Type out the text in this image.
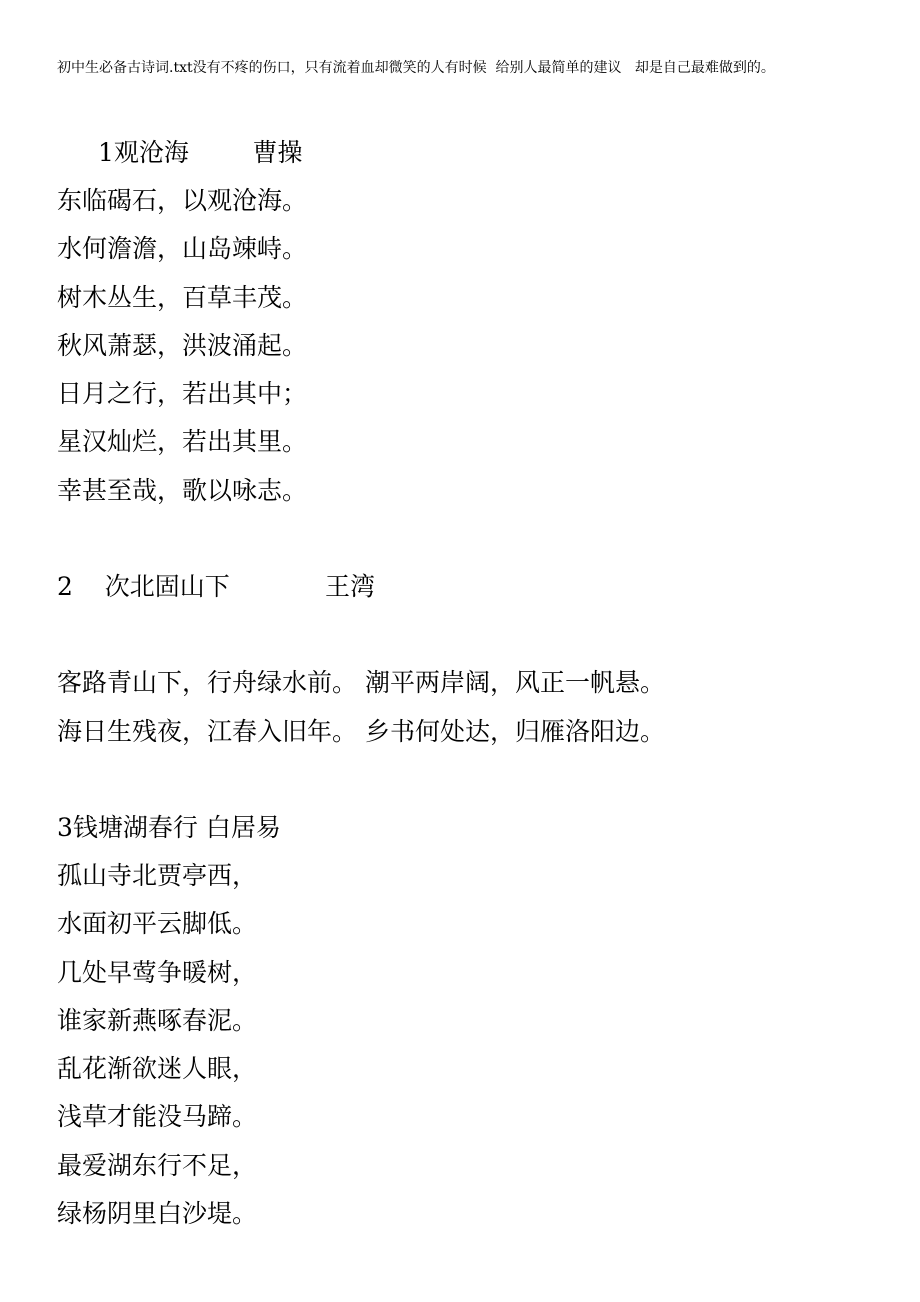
初中生必备古诗词.txt没有不疼的伤口，只有流着血却微笑的人有时候  给别人最简单的建议   却是自己最难做到的。
1观沧海        曹操
东临碣石，以观沧海。
水何澹澹，山岛竦峙。
树木丛生，百草丰茂。
秋风萧瑟，洪波涌起。
日月之行，若出其中；
星汉灿烂，若出其里。
幸甚至哉，歌以咏志。
2    次北固山下            王湾
客路青山下，行舟绿水前。 潮平两岸阔，风正一帆悬。
海日生残夜，江春入旧年。 乡书何处达，归雁洛阳边。
3钱塘湖春行 白居易
孤山寺北贾亭西，
水面初平云脚低。
几处早莺争暖树，
谁家新燕啄春泥。
乱花渐欲迷人眼，
浅草才能没马蹄。
最爱湖东行不足，
绿杨阴里白沙堤。
